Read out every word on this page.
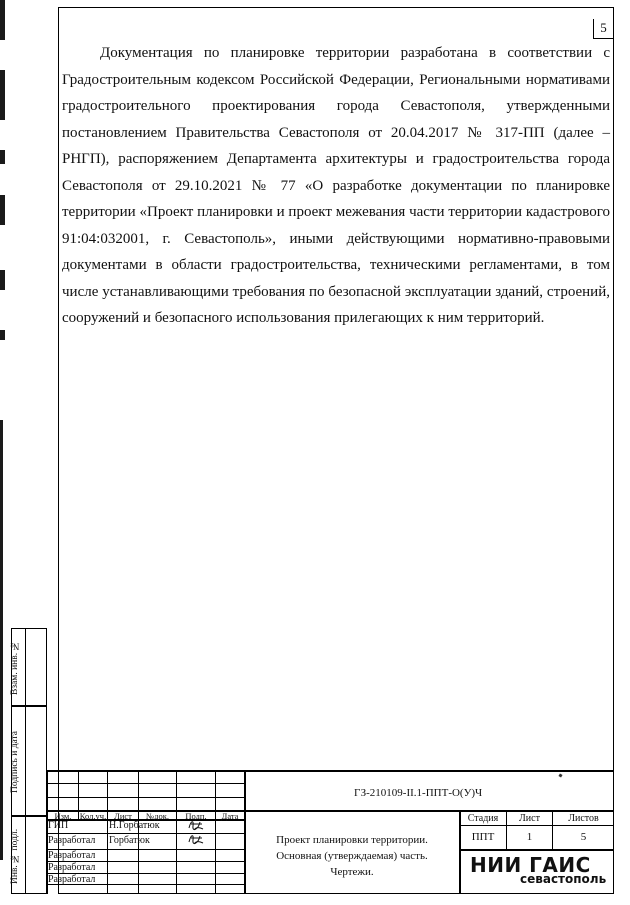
5

Документация по планировке территории разработана в соответствии с Градостроительным кодексом Российской Федерации, Региональными нормативами градостроительного проектирования города Севастополя, утвержденными постановлением Правительства Севастополя от 20.04.2017 № 317-ПП (далее – РНГП), распоряжением Департамента архитектуры и градостроительства города Севастополя от 29.10.2021 № 77 «О разработке документации по планировке территории «Проект планировки и проект межевания части территории кадастрового 91:04:032001, г. Севастополь», иными действующими нормативно-правовыми документами в области градостроительства, техническими регламентами, в том числе устанавливающими требования по безопасной эксплуатации зданий, строений, сооружений и безопасного использования прилегающих к ним территорий.

Взам. инв. №
Подпись и дата
Инв. № подл.
Изм. Кол.уч. Лист	№док.	Подп.	Дата
ГИП	Н.Горбатюк
Разработал Горбатюк
Разработал
Разработал
Разработал
ГЗ-210109-II.1-ППТ-О(У)Ч
Проект планировки территории.
Основная (утверждаемая) часть.
Чертежи.
Стадия	Лист	Листов
ППТ	1	5
НИИ ГАИС
севастополь
